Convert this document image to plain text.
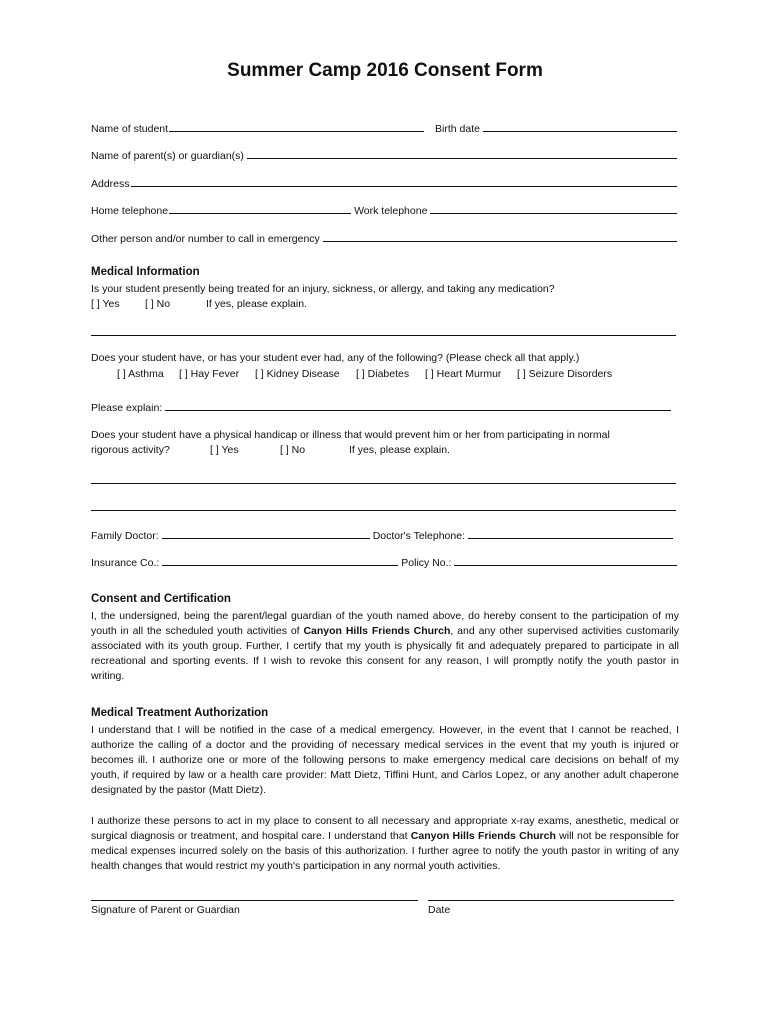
Summer Camp 2016 Consent Form
Name of student	Birth date
Name of parent(s) or guardian(s)
Address
Home telephone	Work telephone
Other person and/or number to call in emergency
Medical Information
Is your student presently being treated for an injury, sickness, or allergy, and taking any medication?
[ ] Yes [ ] No	If yes, please explain.
Does your student have, or has your student ever had, any of the following? (Please check all that apply.)
[ ] Asthma [ ] Hay Fever [ ] Kidney Disease [ ] Diabetes [ ] Heart Murmur [ ] Seizure Disorders
Please explain:
Does your student have a physical handicap or illness that would prevent him or her from participating in normal
rigorous activity?	[ ] Yes	[ ] No	If yes, please explain.
Family Doctor:	Doctor's Telephone:
Insurance Co.:	Policy No.:
Consent and Certification
I, the undersigned, being the parent/legal guardian of the youth named above, do hereby consent to the participation of my youth in all the scheduled youth activities of Canyon Hills Friends Church, and any other supervised activities customarily associated with its youth group. Further, I certify that my youth is physically fit and adequately prepared to participate in all recreational and sporting events. If I wish to revoke this consent for any reason, I will promptly notify the youth pastor in writing.
Medical Treatment Authorization
I understand that I will be notified in the case of a medical emergency. However, in the event that I cannot be reached, I authorize the calling of a doctor and the providing of necessary medical services in the event that my youth is injured or becomes ill. I authorize one or more of the following persons to make emergency medical care decisions on behalf of my youth, if required by law or a health care provider: Matt Dietz, Tiffini Hunt, and Carlos Lopez, or any another adult chaperone designated by the pastor (Matt Dietz).
I authorize these persons to act in my place to consent to all necessary and appropriate x-ray exams, anesthetic, medical or surgical diagnosis or treatment, and hospital care. I understand that Canyon Hills Friends Church will not be responsible for medical expenses incurred solely on the basis of this authorization. I further agree to notify the youth pastor in writing of any health changes that would restrict my youth's participation in any normal youth activities.
Signature of Parent or Guardian	Date
